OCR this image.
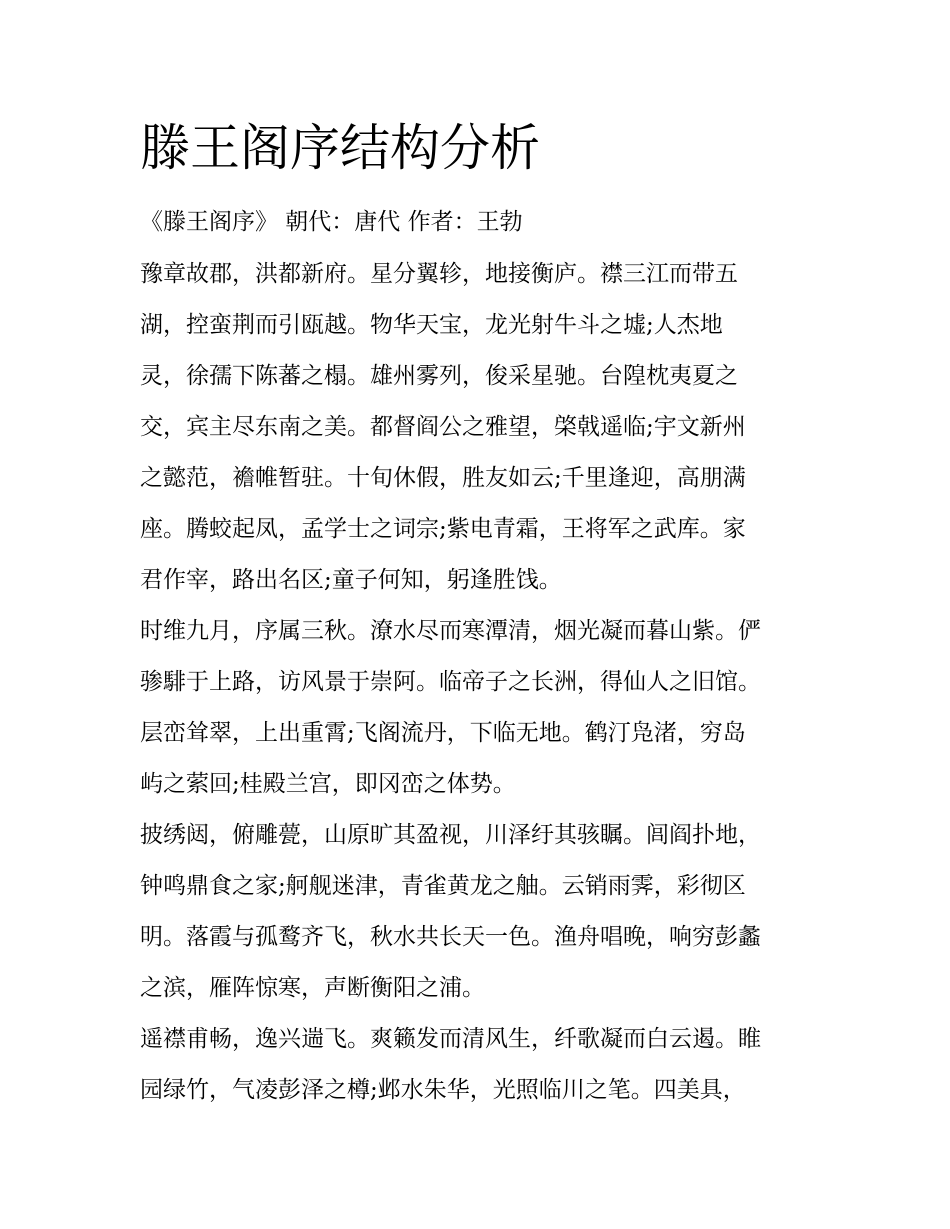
滕王阁序结构分析
《滕王阁序》 朝代：唐代 作者：王勃

豫章故郡，洪都新府。星分翼轸，地接衡庐。襟三江而带五
湖，控蛮荆而引瓯越。物华天宝，龙光射牛斗之墟;人杰地
灵，徐孺下陈蕃之榻。雄州雾列，俊采星驰。台隍枕夷夏之
交，宾主尽东南之美。都督阎公之雅望，棨戟遥临;宇文新州
之懿范，襜帷暂驻。十旬休假，胜友如云;千里逢迎，高朋满
座。腾蛟起凤，孟学士之词宗;紫电青霜，王将军之武库。家
君作宰，路出名区;童子何知，躬逢胜饯。

时维九月，序属三秋。潦水尽而寒潭清，烟光凝而暮山紫。俨
骖騑于上路，访风景于崇阿。临帝子之长洲，得仙人之旧馆。
层峦耸翠，上出重霄;飞阁流丹，下临无地。鹤汀凫渚，穷岛
屿之萦回;桂殿兰宫，即冈峦之体势。

披绣闼，俯雕甍，山原旷其盈视，川泽纡其骇瞩。闾阎扑地，
钟鸣鼎食之家;舸舰迷津，青雀黄龙之舳。云销雨霁，彩彻区
明。落霞与孤鹜齐飞，秋水共长天一色。渔舟唱晚，响穷彭蠡
之滨，雁阵惊寒，声断衡阳之浦。

遥襟甫畅，逸兴遄飞。爽籁发而清风生，纤歌凝而白云遏。睢
园绿竹，气凌彭泽之樽;邺水朱华，光照临川之笔。四美具，
